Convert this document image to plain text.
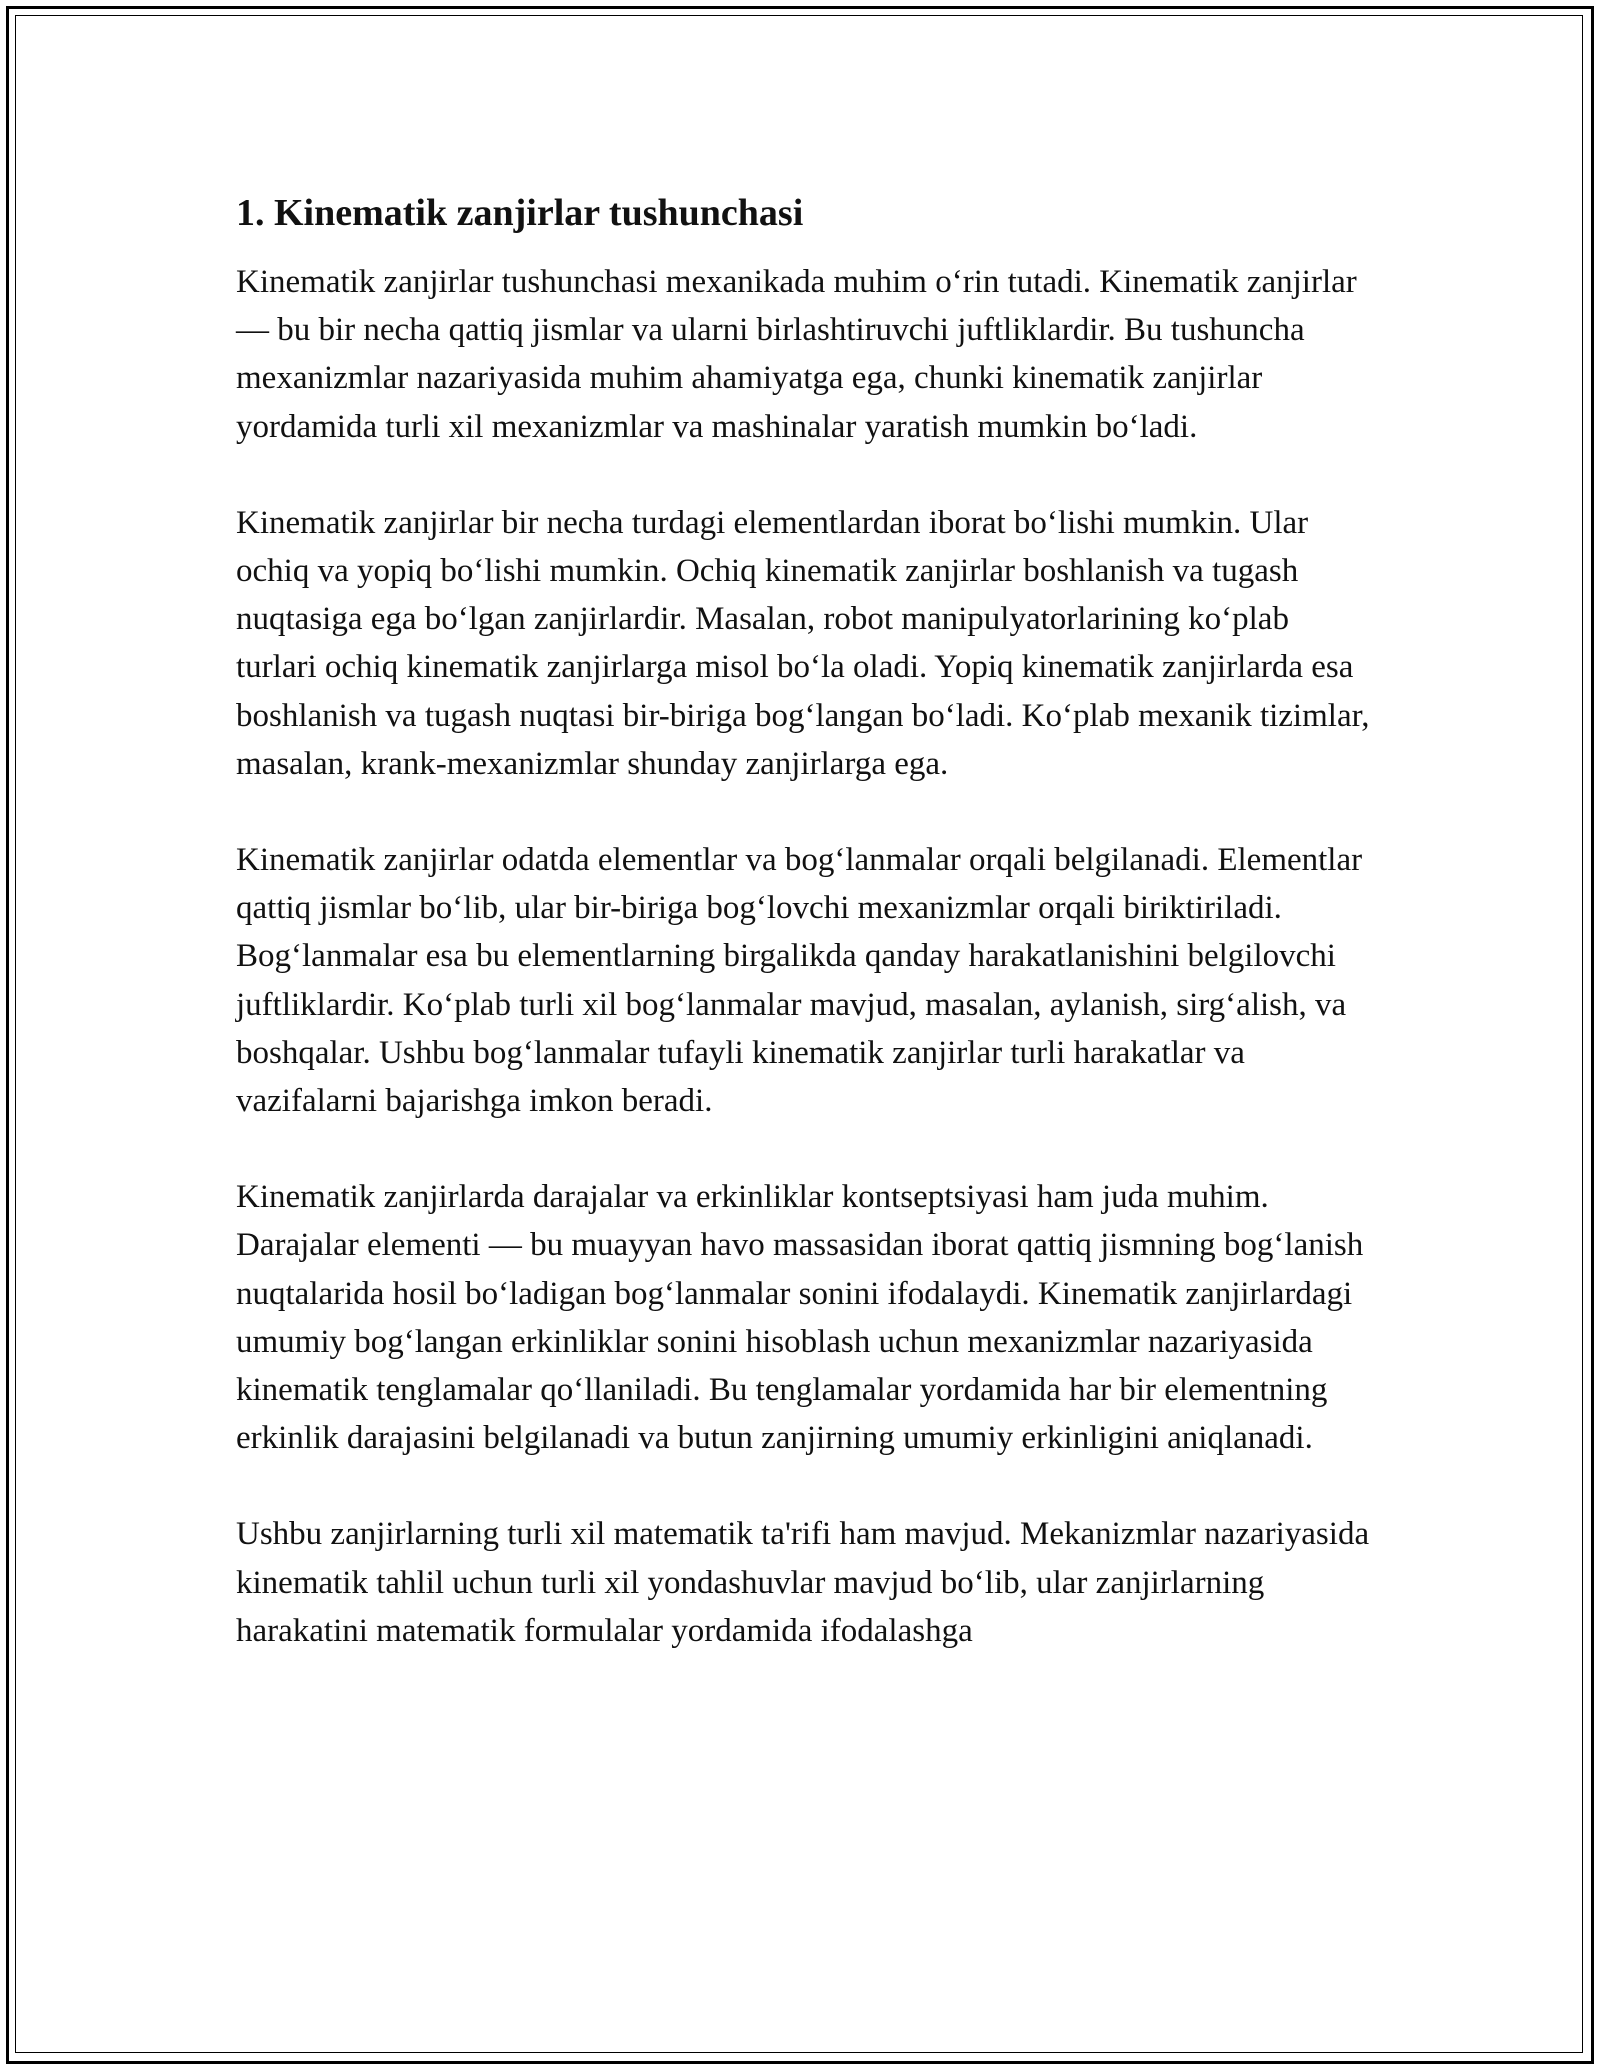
1. Kinematik zanjirlar tushunchasi

Kinematik zanjirlar tushunchasi mexanikada muhim o‘rin tutadi. Kinematik zanjirlar — bu bir necha qattiq jismlar va ularni birlashtiruvchi juftliklardir. Bu tushuncha mexanizmlar nazariyasida muhim ahamiyatga ega, chunki kinematik zanjirlar yordamida turli xil mexanizmlar va mashinalar yaratish mumkin bo‘ladi.

Kinematik zanjirlar bir necha turdagi elementlardan iborat bo‘lishi mumkin. Ular ochiq va yopiq bo‘lishi mumkin. Ochiq kinematik zanjirlar boshlanish va tugash nuqtasiga ega bo‘lgan zanjirlardir. Masalan, robot manipulyatorlarining ko‘plab turlari ochiq kinematik zanjirlarga misol bo‘la oladi. Yopiq kinematik zanjirlarda esa boshlanish va tugash nuqtasi bir-biriga bog‘langan bo‘ladi. Ko‘plab mexanik tizimlar, masalan, krank-mexanizmlar shunday zanjirlarga ega.

Kinematik zanjirlar odatda elementlar va bog‘lanmalar orqali belgilanadi. Elementlar qattiq jismlar bo‘lib, ular bir-biriga bog‘lovchi mexanizmlar orqali biriktiriladi. Bog‘lanmalar esa bu elementlarning birgalikda qanday harakatlanishini belgilovchi juftliklardir. Ko‘plab turli xil bog‘lanmalar mavjud, masalan, aylanish, sirg‘alish, va boshqalar. Ushbu bog‘lanmalar tufayli kinematik zanjirlar turli harakatlar va vazifalarni bajarishga imkon beradi.

Kinematik zanjirlarda darajalar va erkinliklar kontseptsiyasi ham juda muhim. Darajalar elementi — bu muayyan havo massasidan iborat qattiq jismning bog‘lanish nuqtalarida hosil bo‘ladigan bog‘lanmalar sonini ifodalaydi. Kinematik zanjirlardagi umumiy bog‘langan erkinliklar sonini hisoblash uchun mexanizmlar nazariyasida kinematik tenglamalar qo‘llaniladi. Bu tenglamalar yordamida har bir elementning erkinlik darajasini belgilanadi va butun zanjirning umumiy erkinligini aniqlanadi.

Ushbu zanjirlarning turli xil matematik ta'rifi ham mavjud. Mekanizmlar nazariyasida kinematik tahlil uchun turli xil yondashuvlar mavjud bo‘lib, ular zanjirlarning harakatini matematik formulalar yordamida ifodalashga
